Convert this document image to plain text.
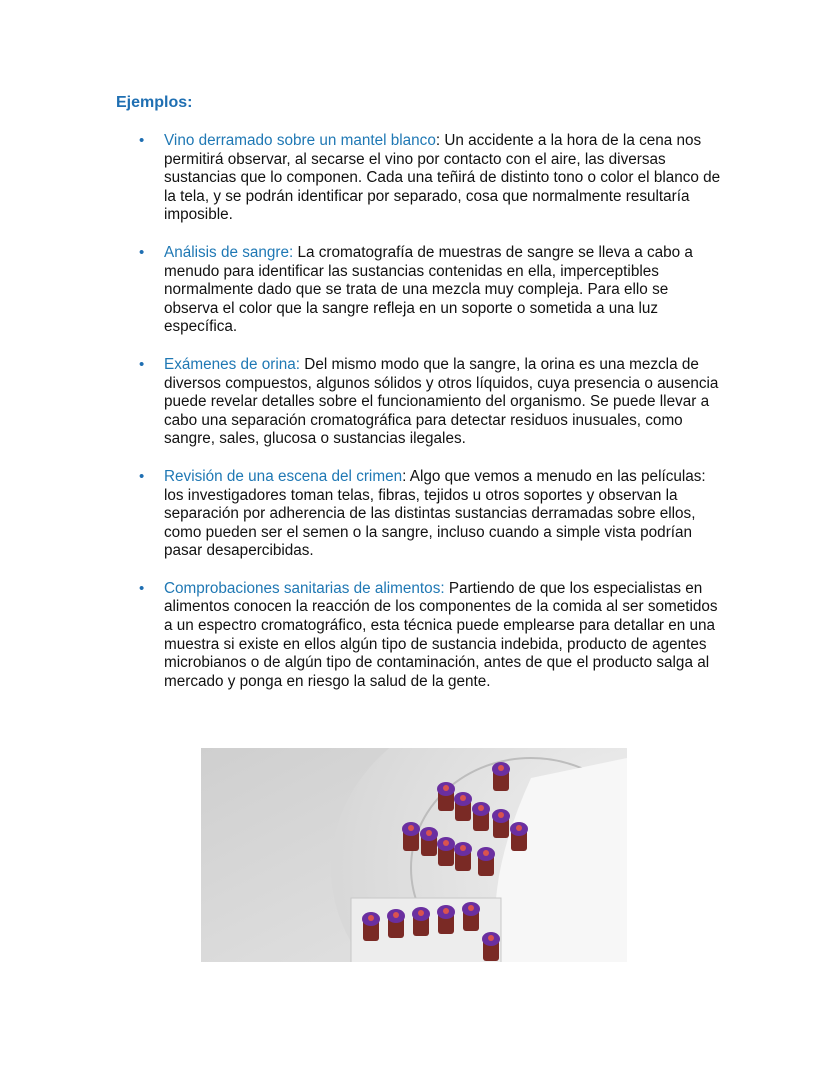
Ejemplos:
• Vino derramado sobre un mantel blanco: Un accidente a la hora de la cena nos permitirá observar, al secarse el vino por contacto con el aire, las diversas sustancias que lo componen. Cada una teñirá de distinto tono o color el blanco de la tela, y se podrán identificar por separado, cosa que normalmente resultaría imposible.
• Análisis de sangre: La cromatografía de muestras de sangre se lleva a cabo a menudo para identificar las sustancias contenidas en ella, imperceptibles normalmente dado que se trata de una mezcla muy compleja. Para ello se observa el color que la sangre refleja en un soporte o sometida a una luz específica.
• Exámenes de orina: Del mismo modo que la sangre, la orina es una mezcla de diversos compuestos, algunos sólidos y otros líquidos, cuya presencia o ausencia puede revelar detalles sobre el funcionamiento del organismo. Se puede llevar a cabo una separación cromatográfica para detectar residuos inusuales, como sangre, sales, glucosa o sustancias ilegales.
• Revisión de una escena del crimen: Algo que vemos a menudo en las películas: los investigadores toman telas, fibras, tejidos u otros soportes y observan la separación por adherencia de las distintas sustancias derramadas sobre ellos, como pueden ser el semen o la sangre, incluso cuando a simple vista podrían pasar desapercibidas.
• Comprobaciones sanitarias de alimentos: Partiendo de que los especialistas en alimentos conocen la reacción de los componentes de la comida al ser sometidos a un espectro cromatográfico, esta técnica puede emplearse para detallar en una muestra si existe en ellos algún tipo de sustancia indebida, producto de agentes microbianos o de algún tipo de contaminación, antes de que el producto salga al mercado y ponga en riesgo la salud de la gente.
